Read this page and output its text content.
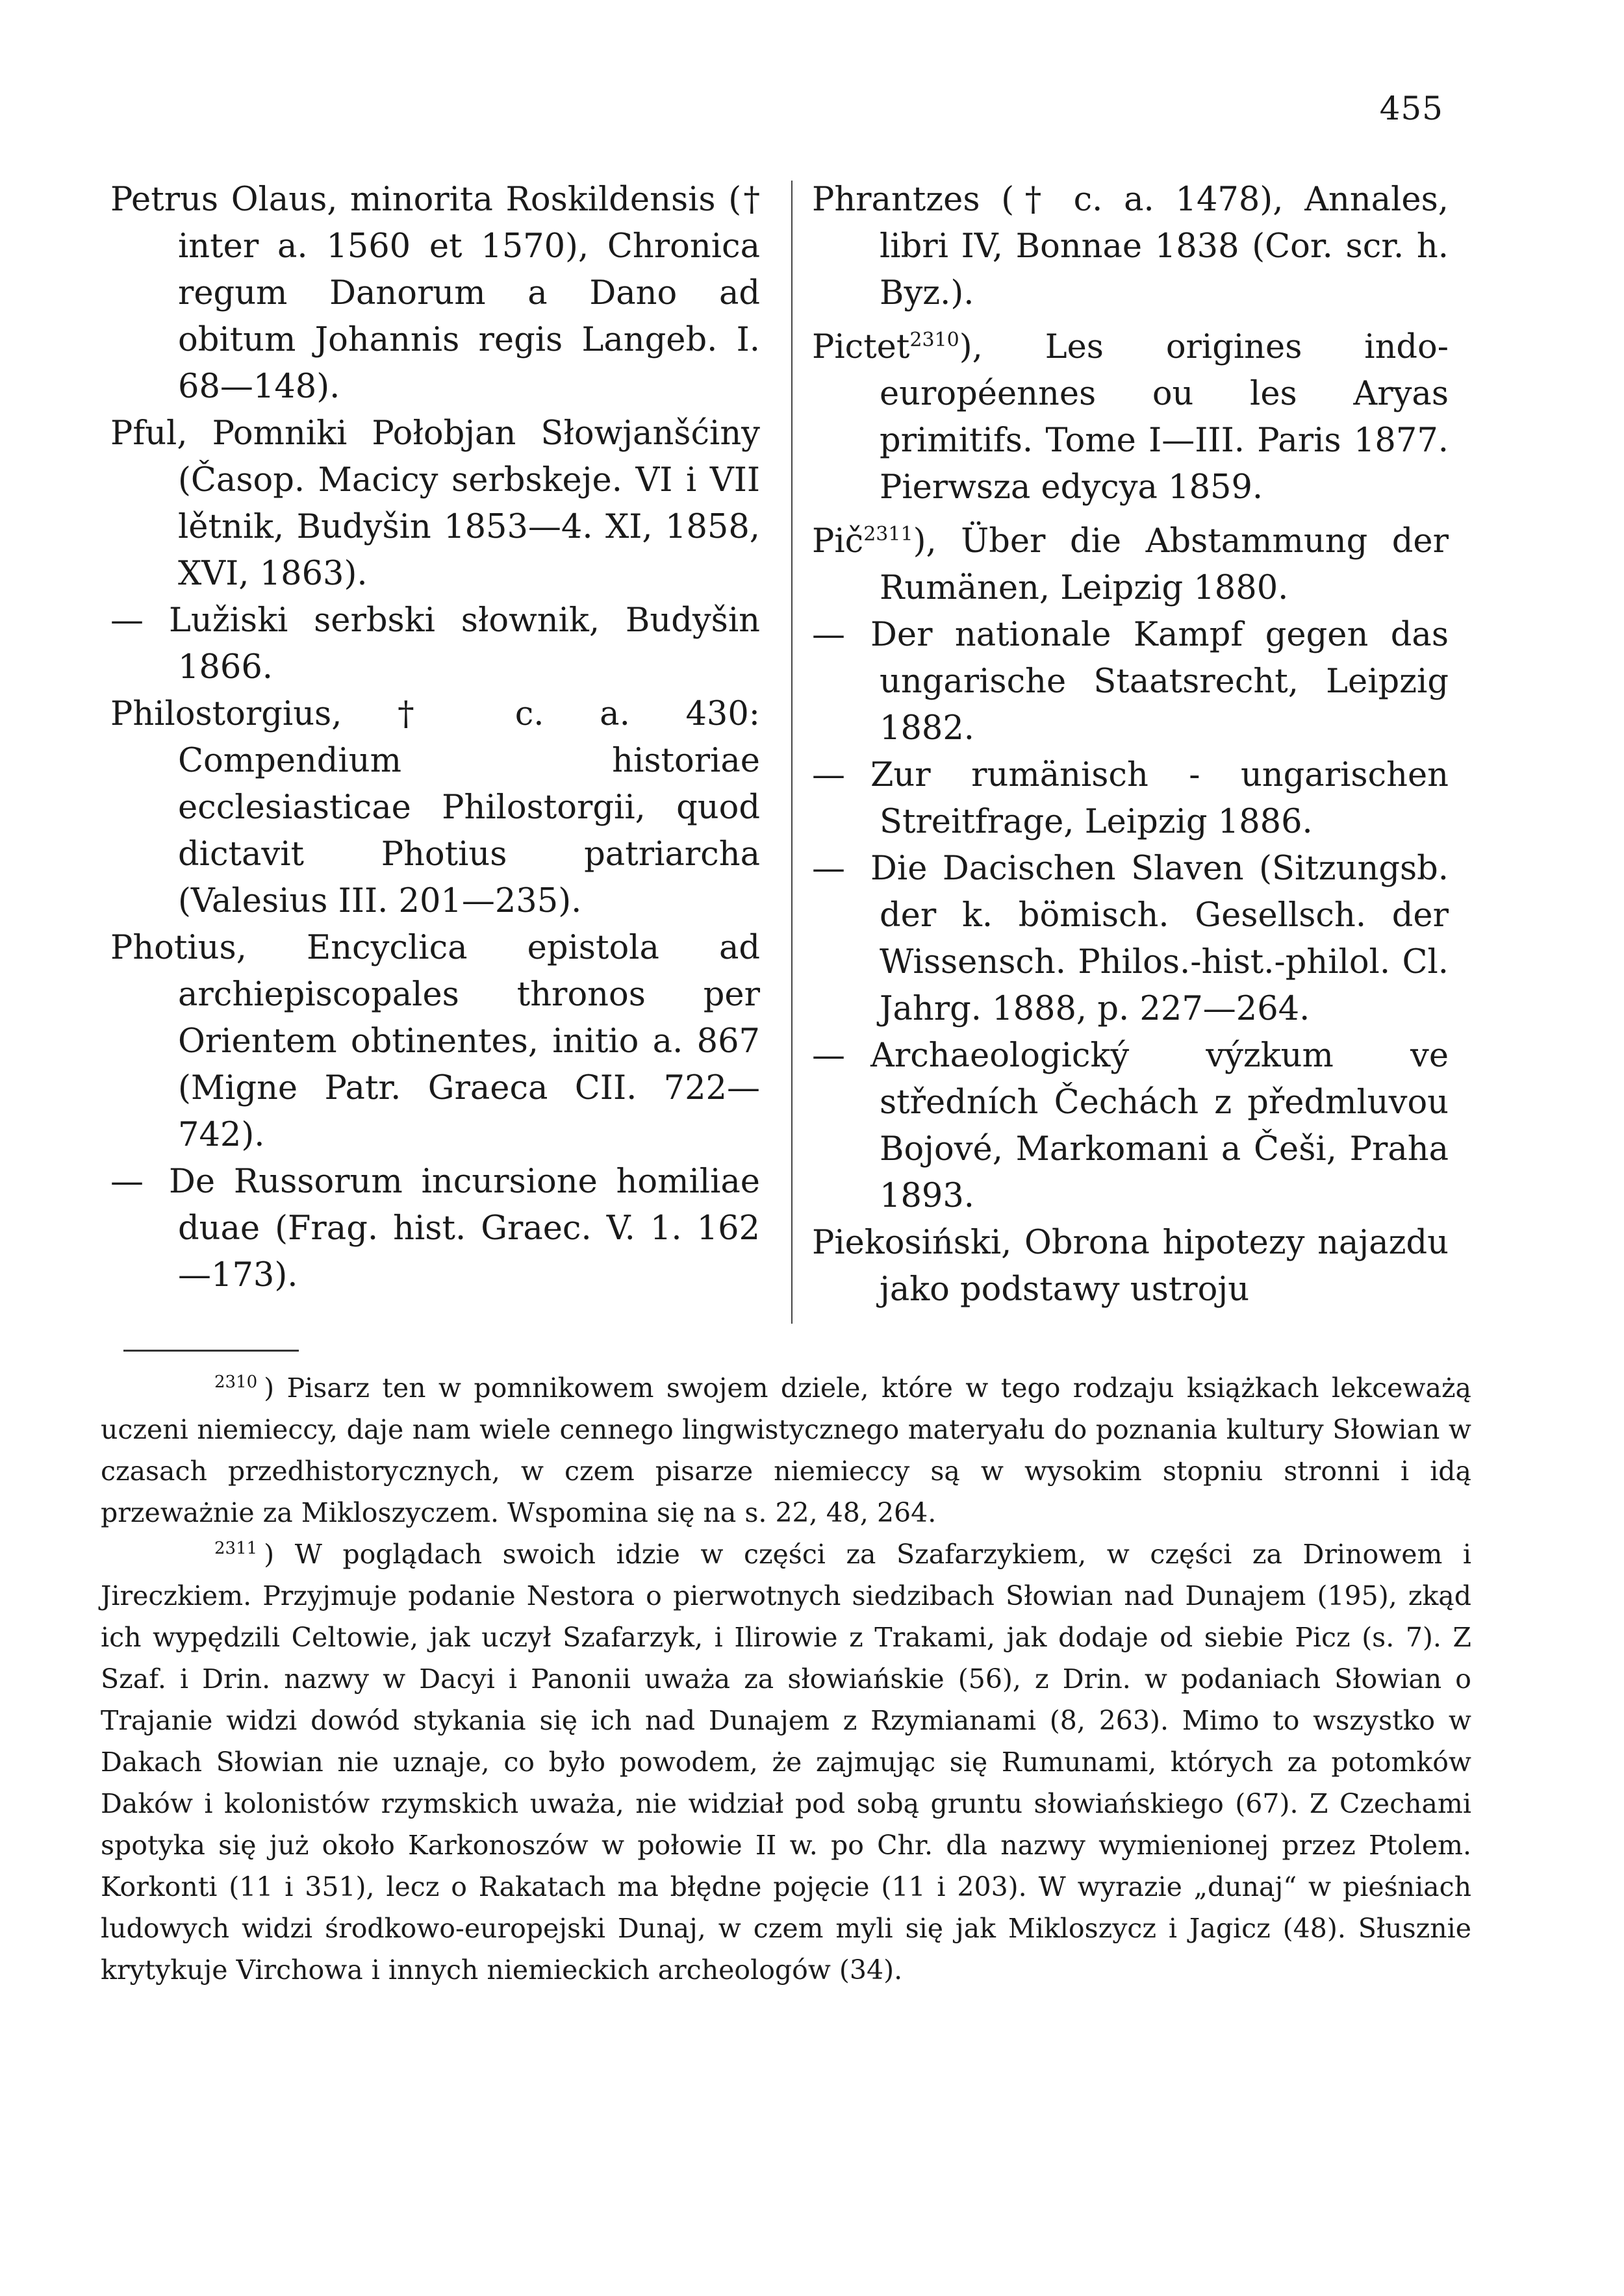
455
Petrus Olaus, minorita Roskildensis († inter a. 1560 et 1570), Chronica regum Danorum a Dano ad obitum Johannis regis Langeb. I. 68—148).
Pful, Pomniki Połobjan Słowjanšćiny (Časop. Macicy serbskeje. VI i VII lětnik, Budyšin 1853—4. XI, 1858, XVI, 1863).
— Lužiski serbski słownik, Budyšin 1866.
Philostorgius, † c. a. 430: Compendium historiae ecclesiasticae Philostorgii, quod dictavit Photius patriarcha (Valesius III. 201—235).
Photius, Encyclica epistola ad archiepiscopales thronos per Orientem obtinentes, initio a. 867 (Migne Patr. Graeca CII. 722—742).
— De Russorum incursione homiliae duae (Frag. hist. Graec. V. 1. 162—173).
Phrantzes († c. a. 1478), Annales, libri IV, Bonnae 1838 (Cor. scr. h. Byz.).
Pictet$^{2310}$), Les origines indo-européennes ou les Aryas primitifs. Tome I—III. Paris 1877. Pierwsza edycya 1859.
Pič$^{2311}$), Über die Abstammung der Rumänen, Leipzig 1880.
— Der nationale Kampf gegen das ungarische Staatsrecht, Leipzig 1882.
— Zur rumänisch - ungarischen Streitfrage, Leipzig 1886.
— Die Dacischen Slaven (Sitzungsb. der k. bömisch. Gesellsch. der Wissensch. Philos.-hist.-philol. Cl. Jahrg. 1888, p. 227—264.
— Archaeologický výzkum ve středních Čechách z předmluvou Bojové, Markomani a Češi, Praha 1893.
Piekosiński, Obrona hipotezy najazdu jako podstawy ustroju

$^{2310}$ ) Pisarz ten w pomnikowem swojem dziele, które w tego rodzaju książkach lekceważą uczeni niemieccy, daje nam wiele cennego lingwistycznego materyału do poznania kultury Słowian w czasach przedhistorycznych, w czem pisarze niemieccy są w wysokim stopniu stronni i idą przeważnie za Mikloszyczem. Wspomina się na s. 22, 48, 264.

$^{2311}$ ) W poglądach swoich idzie w części za Szafarzykiem, w części za Drinowem i Jireczkiem. Przyjmuje podanie Nestora o pierwotnych siedzibach Słowian nad Dunajem (195), zkąd ich wypędzili Celtowie, jak uczył Szafarzyk, i Ilirowie z Trakami, jak dodaje od siebie Picz (s. 7). Z Szaf. i Drin. nazwy w Dacyi i Panonii uważa za słowiańskie (56), z Drin. w podaniach Słowian o Trajanie widzi dowód stykania się ich nad Dunajem z Rzymianami (8, 263). Mimo to wszystko w Dakach Słowian nie uznaje, co było powodem, że zajmując się Rumunami, których za potomków Daków i kolonistów rzymskich uważa, nie widział pod sobą gruntu słowiańskiego (67). Z Czechami spotyka się już około Karkonoszów w połowie II w. po Chr. dla nazwy wymienionej przez Ptolem. Korkonti (11 i 351), lecz o Rakatach ma błędne pojęcie (11 i 203). W wyrazie „dunaj“ w pieśniach ludowych widzi środkowo-europejski Dunaj, w czem myli się jak Mikloszycz i Jagicz (48). Słusznie krytykuje Virchowa i innych niemieckich archeologów (34).
